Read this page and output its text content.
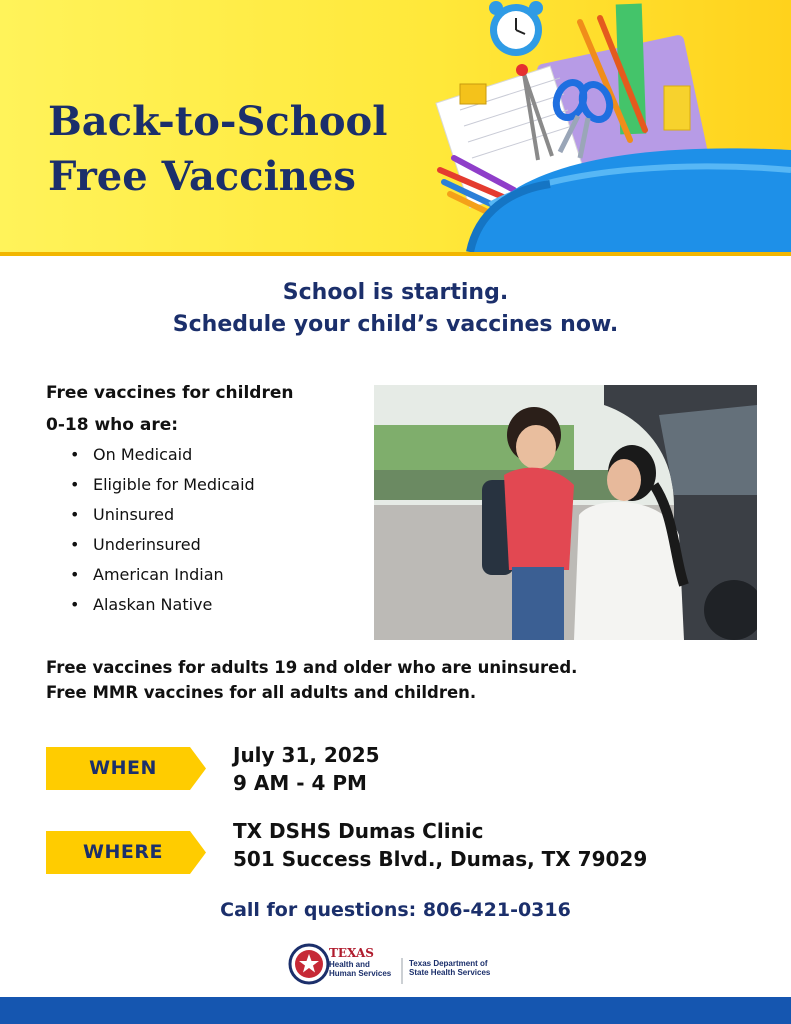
Back-to-School
Free Vaccines
School is starting.
Schedule your child’s vaccines now.

Free vaccines for children
0-18 who are:

• On Medicaid
• Eligible for Medicaid
• Uninsured
• Underinsured
• American Indian
• Alaskan Native

Free vaccines for adults 19 and older who are uninsured.
Free MMR vaccines for all adults and children.

WHEN

July 31, 2025
9 AM - 4 PM

WHERE

TX DSHS Dumas Clinic
501 Success Blvd., Dumas, TX 79029

Call for questions: 806-421-0316

TEXAS
Health and Human Services
Texas Department of State Health Services
